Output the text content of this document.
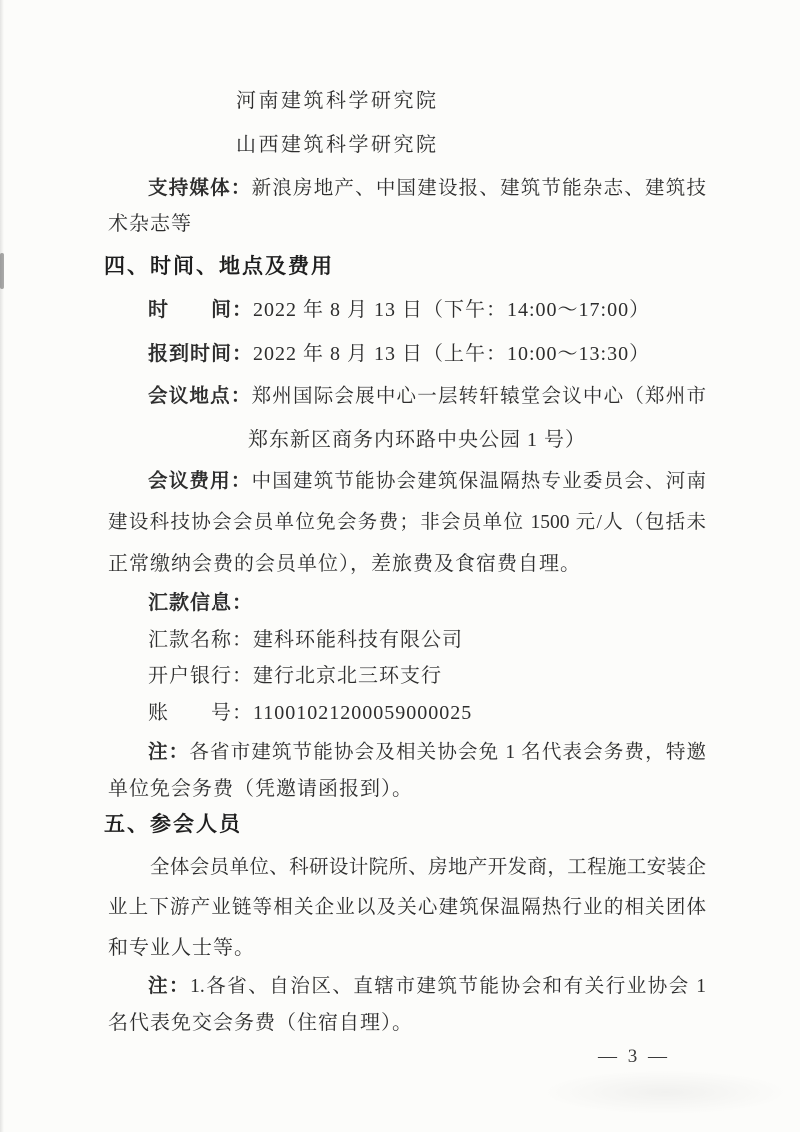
河南建筑科学研究院
山西建筑科学研究院
支持媒体：新浪房地产、中国建设报、建筑节能杂志、建筑技
术杂志等
四、时间、地点及费用
时　　间：2022 年 8 月 13 日（下午：14:00～17:00）
报到时间：2022 年 8 月 13 日（上午：10:00～13:30）
会议地点：郑州国际会展中心一层转轩辕堂会议中心（郑州市
郑东新区商务内环路中央公园 1 号）
会议费用：中国建筑节能协会建筑保温隔热专业委员会、河南
建设科技协会会员单位免会务费；非会员单位 1500 元/人（包括未
正常缴纳会费的会员单位），差旅费及食宿费自理。
汇款信息：
汇款名称：建科环能科技有限公司
开户银行：建行北京北三环支行
账　　号：11001021200059000025
注：各省市建筑节能协会及相关协会免 1 名代表会务费，特邀
单位免会务费（凭邀请函报到）。
五、参会人员
全体会员单位、科研设计院所、房地产开发商，工程施工安装企
业上下游产业链等相关企业以及关心建筑保温隔热行业的相关团体
和专业人士等。
注：1.各省、自治区、直辖市建筑节能协会和有关行业协会 1
名代表免交会务费（住宿自理）。
— 3 —
